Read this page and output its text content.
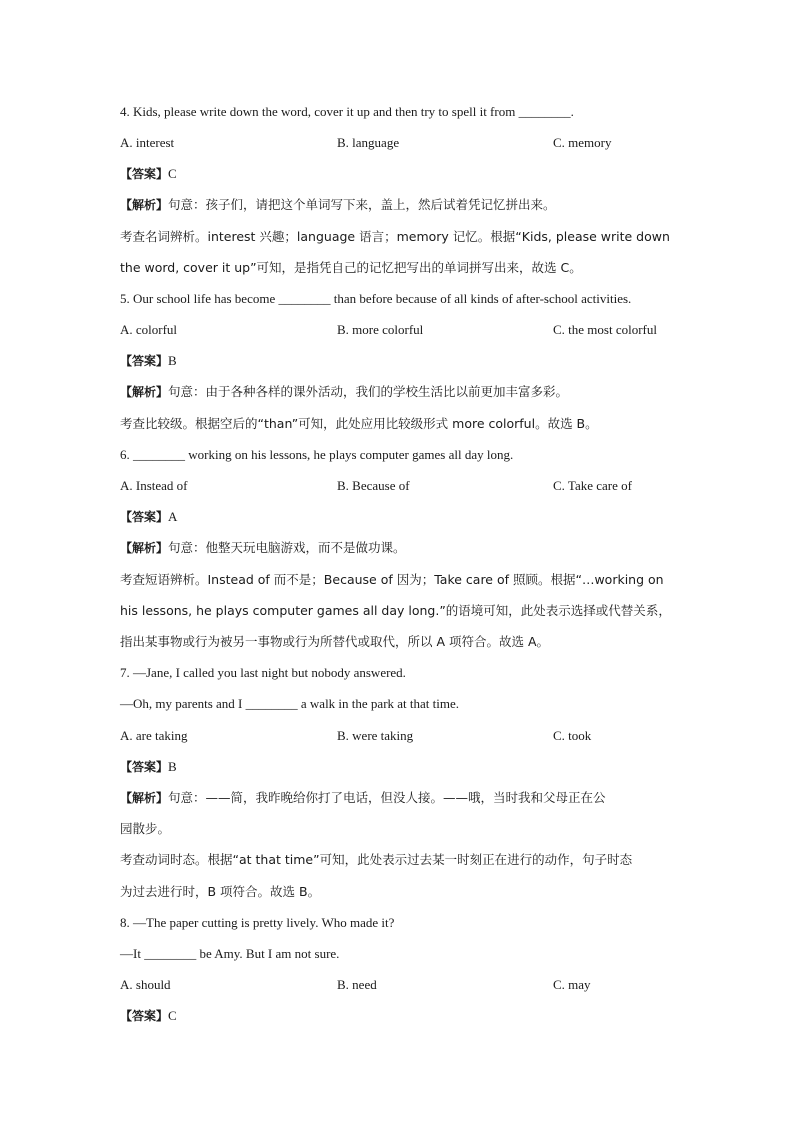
4. Kids, please write down the word, cover it up and then try to spell it from ________.
A. interest	B. language	C. memory
【答案】C
【解析】句意：孩子们，请把这个单词写下来，盖上，然后试着凭记忆拼出来。
考查名词辨析。interest 兴趣；language 语言；memory 记忆。根据“Kids, please write down
the word, cover it up”可知，是指凭自己的记忆把写出的单词拼写出来，故选 C。
5. Our school life has become ________ than before because of all kinds of after-school activities.
A. colorful	B. more colorful	C. the most colorful
【答案】B
【解析】句意：由于各种各样的课外活动，我们的学校生活比以前更加丰富多彩。
考查比较级。根据空后的“than”可知，此处应用比较级形式 more colorful。故选 B。
6. ________ working on his lessons, he plays computer games all day long.
A. Instead of	B. Because of	C. Take care of
【答案】A
【解析】句意：他整天玩电脑游戏，而不是做功课。
考查短语辨析。Instead of 而不是；Because of 因为；Take care of 照顾。根据“…working on
his lessons, he plays computer games all day long.”的语境可知，此处表示选择或代替关系，
指出某事物或行为被另一事物或行为所替代或取代，所以 A 项符合。故选 A。
7. —Jane, I called you last night but nobody answered.
—Oh, my parents and I ________ a walk in the park at that time.
A. are taking	B. were taking	C. took
【答案】B
【解析】句意：——简，我昨晚给你打了电话，但没人接。——哦，当时我和父母正在公
园散步。
考查动词时态。根据“at that time”可知，此处表示过去某一时刻正在进行的动作，句子时态
为过去进行时，B 项符合。故选 B。
8. —The paper cutting is pretty lively. Who made it?
—It ________ be Amy. But I am not sure.
A. should	B. need	C. may
【答案】C
